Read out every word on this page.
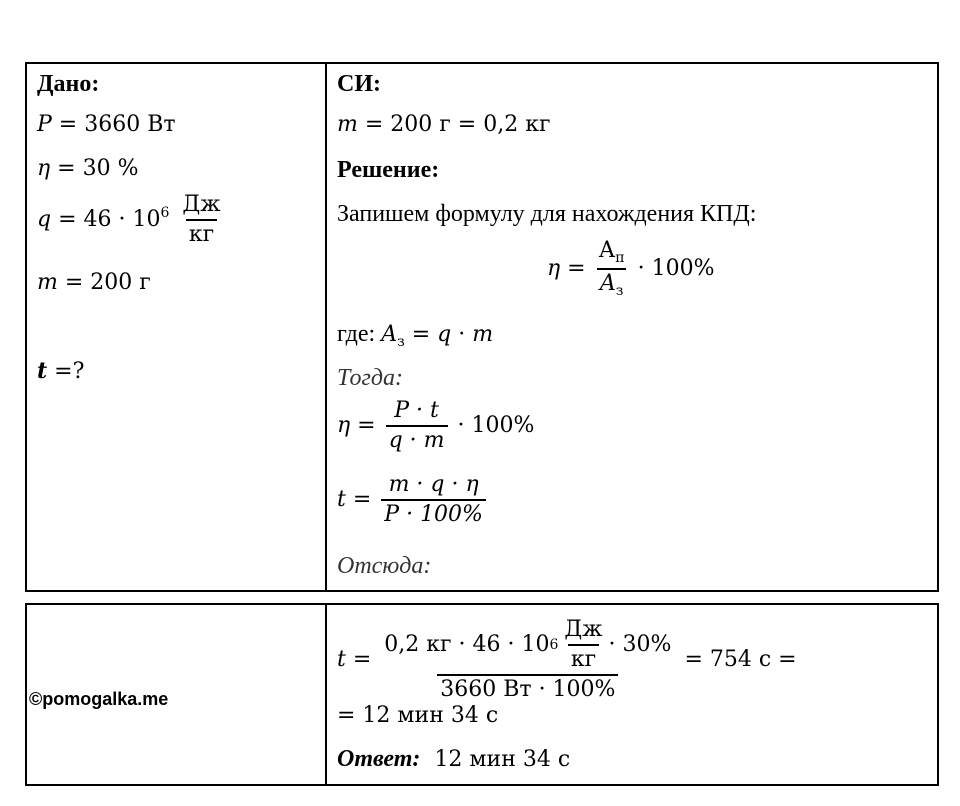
Дано:
P = 3660 Вт
η = 30 %
$q = 46 \cdot 10^6 \frac{Дж}{кг}$
m = 200 г
t =?
СИ:
m = 200 г = 0,2 кг
Решение:
Запишем формулу для нахождения КПД:
$\eta = \frac{А_п}{A_з} \cdot 100\%$
где: $A_з = q \cdot m$
Тогда:
$\eta = \frac{P \cdot t}{q \cdot m} \cdot 100\%$
$t = \frac{m \cdot q \cdot \eta}{P \cdot 100\%}$
Отсюда:
t =
0,2 кг · 46 · 10 $6 \frac{Дж}{кг} \cdot 30\%$
3660 Вт · 100%
= 754 с =
= 12 мин 34 с
Ответ: 12 мин 34 с
©pomogalka.me
